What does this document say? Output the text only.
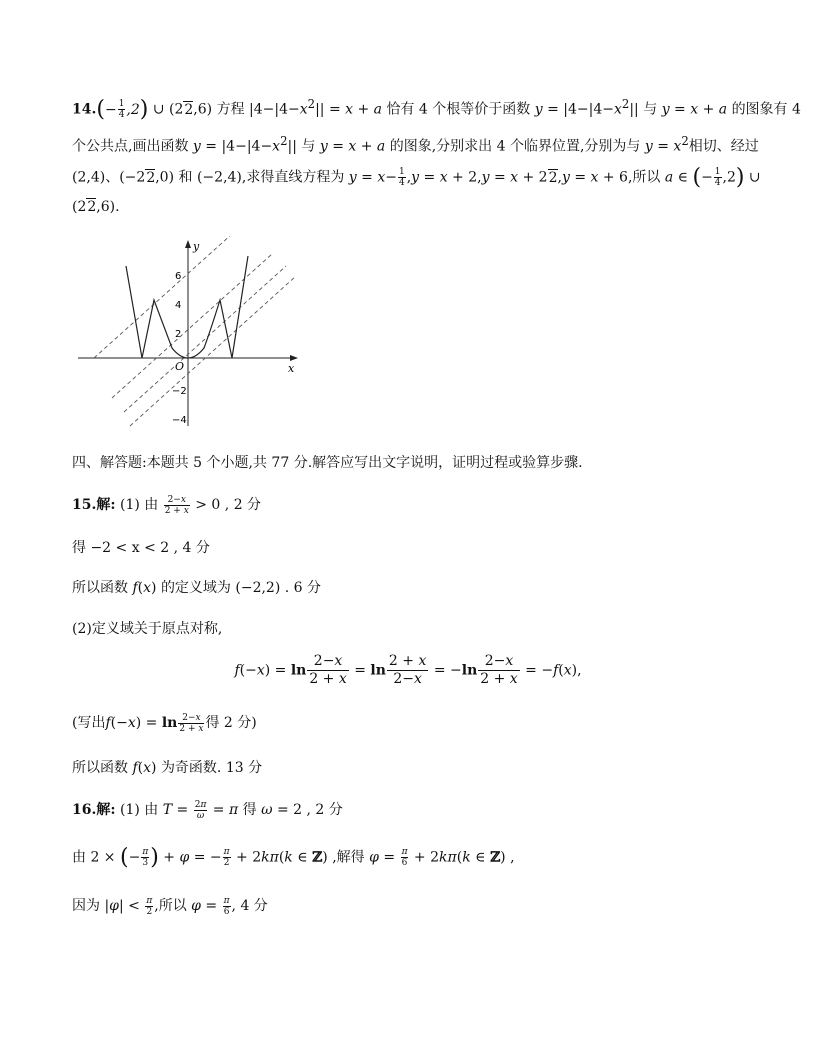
$14.(- \frac{1}{4} ,2)$ ∪ (22,6) 方程 $|4-|4-x^2|| = x + a$ 恰有 4 个根等价于函数 $y = |4-|4-x^2||$ 与 y = x + a 的图象有 4
个公共点,画出函数 $y = |4-|4-x^2||$ 与 y = x + a 的图象,分别求出 4 个临界位置,分别为与 $y = x^2$相切、经过
(2,4)、(−22,0) 和 (−2,4),求得直线方程为 $y = x- \frac{1}{4} ,y = x + 2,y = x + 22,y = x + 6$,所以 a ∈ (− $\frac{1}{4} ,2$) ∪
(22,6).
y
x
O
6
4
2
−2
−4
四、解答题:本题共 5 个小题,共 77 分.解答应写出文字说明，证明过程或验算步骤.
15.解: (1) 由 $\frac{2-x}{2 + x} > 0$ , 2 分
得 −2 < x < 2 , 4 分
所以函数 f(x) 的定义域为 (−2,2) . 6 分
(2)定义域关于原点对称,
$f(-x) = \ln \frac{2-x}{2 + x} = \ln \frac{2 + x}{2-x} = -\ln \frac{2-x}{2 + x} = -f(x)$,
(写出$f(-x) = \ln \frac{2-x}{2 + x}$ 得 2 分)
所以函数 f(x) 为奇函数. 13 分
16.解: (1) 由 $T = \frac{2\pi}{\omega} = \pi$ 得 ω = 2 , 2 分
由 2 × (− $\frac{\pi}{3}$ ) + φ = − $\frac{\pi}{2} + 2k\pi(k$ ∈ ℤ) ,解得 $\varphi = \frac{\pi}{6} + 2k\pi(k$ ∈ ℤ) ,
因为 $|\varphi| < \frac{\pi}{2}$ ,所以 $\varphi = \frac{\pi}{6}$ , 4 分
